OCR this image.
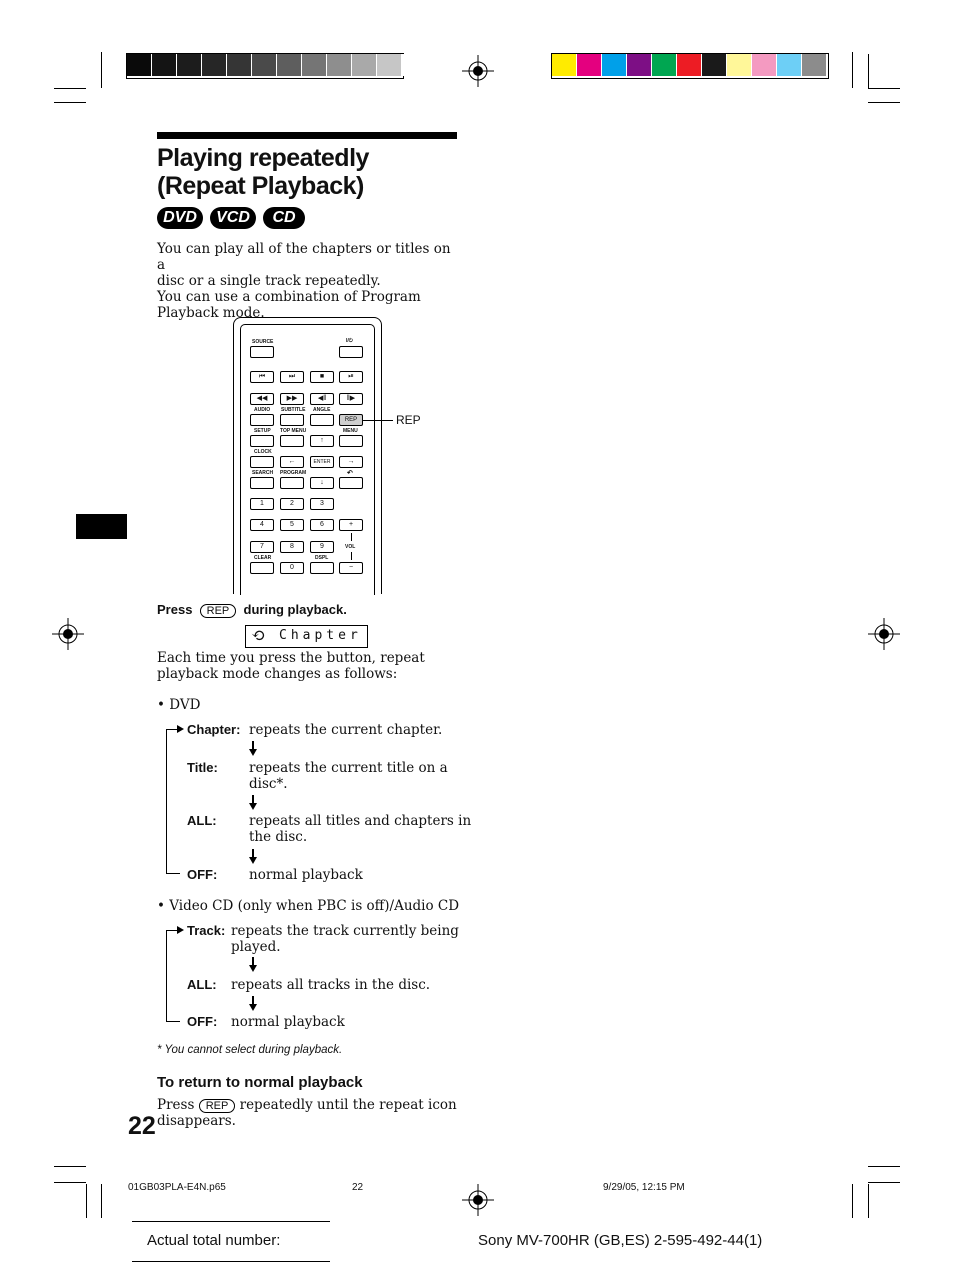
Playing repeatedly
(Repeat Playback)
DVD	VCD	CD
You can play all of the chapters or titles on a
disc or a single track repeatedly.
You can use a combination of Program
Playback mode.
SOURCE	I/⏻
⏮	⏭	■	⏯
◀◀	▶▶	◀‖	‖▶
AUDIO SUBTITLE ANGLE
REP
SETUP TOP MENU	MENU
↑
CLOCK
←	ENTER	→
SEARCH PROGRAM	↶
↓
1	2	3
4	5	6	+
VOL
7	8	9
CLEAR	DSPL
0	−
REP
Press REP during playback.
⟲ Chapter
Each time you press the button, repeat
playback mode changes as follows:
• DVD
Chapter: repeats the current chapter.
Title: repeats the current title on a
disc*.
ALL: repeats all titles and chapters in
the disc.
OFF: normal playback
• Video CD (only when PBC is off)/Audio CD
Track: repeats the track currently being
played.
ALL: repeats all tracks in the disc.
OFF: normal playback
* You cannot select during playback.
To return to normal playback
Press REP repeatedly until the repeat icon
disappears.
22
01GB03PLA-E4N.p65	22	9/29/05, 12:15 PM
Actual total number:	Sony MV-700HR (GB,ES) 2-595-492-44(1)
